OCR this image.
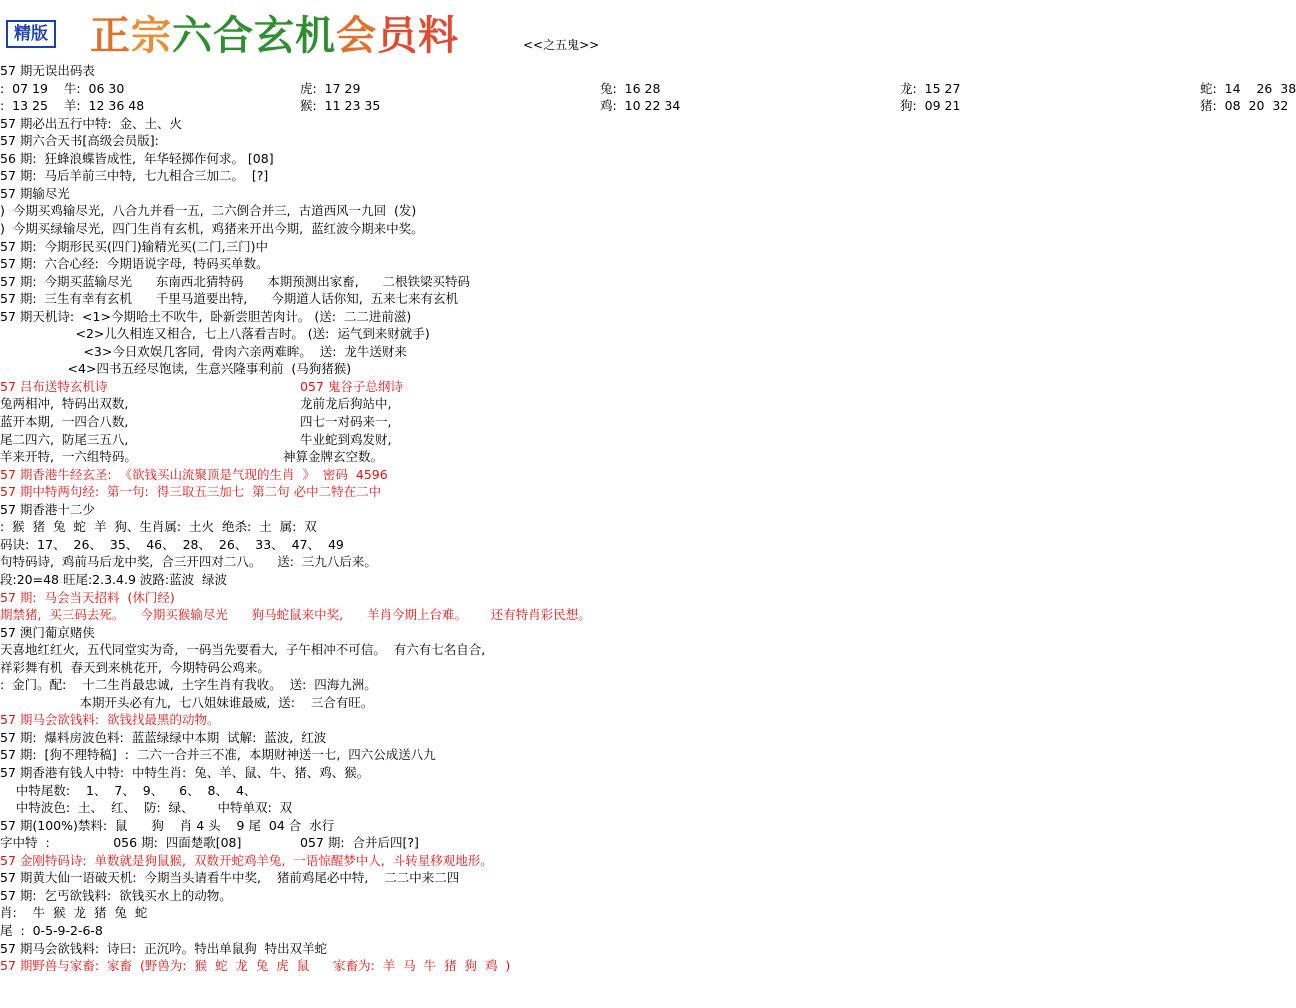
精版 正宗六合玄机会员料	<<之五鬼>>
57 期无误出码表
:  07 19    牛:  06 30	虎:  17 29	兔:  16 28	龙:  15 27	蛇:  14    26  38
:  13 25    羊:  12 36 48	猴:  11 23 35	鸡:  10 22 34	狗:  09 21	猪:  08  20  32
57 期必出五行中特:  金、土、火
57 期六合天书[高级会员版]:
56 期:  狂蜂浪蝶皆成性,  年华轻掷作何求。 [08]
57 期:  马后羊前三中特,  七九相合三加二。  [?]
57 期输尽光
)  今期买鸡输尽光,  八合九并看一五,  二六倒合并三,  古道西风一九回  (发)
)  今期买绿输尽光,  四门生肖有玄机,  鸡猪来开出今期,  蓝红波今期来中奖。
57 期:  今期形民买(四门)输精光买(二门,三门)中
57 期:  六合心经:  今期语说字母,  特码买单数。
57 期:  今期买蓝输尽光      东南西北猜特码      本期预测出家畜,      二根铁梁买特码
57 期:  三生有幸有玄机      千里马道要出特,      今期道人话你知,  五来七来有玄机
57 期天机诗:  <1>今期哈土不吹牛,  卧新尝胆苦肉计。 (送:  二二进前滋)
<2>儿久相连又相合,  七上八落看吉时。 (送:  运气到来财就手)
<3>今日欢娱几客同,  骨肉六亲两难眸。  送:  龙牛送财来
<4>四书五经尽饱读,  生意兴隆事利前  (马狗猪猴)
57 吕布送特玄机诗	057 鬼谷子总纲诗
兔两相冲,  特码出双数,	龙前龙后狗站中,
蓝开本期,  一四合八数,	四七一对码来一,
尾二四六,  防尾三五八,	牛业蛇到鸡发财,
羊来开特,  一六组特码。	神算金牌玄空数。
57 期香港牛经玄圣:  《欲钱买山流聚顶是气现的生肖  》  密码  4596
57 期中特两句经:  第一句:  得三取五三加七  第二句 必中二特在二中
57 期香港十二少
:  猴  猪  兔  蛇  羊  狗、生肖属:  土火  绝杀:  土  属:  双
码诀:  17、  26、  35、  46、  28、  26、  33、  47、  49
句特码诗,  鸡前马后龙中奖,  合三开四对二八。    送:  三九八后来。
段:20=48 旺尾:2.3.4.9 波路:蓝波  绿波
57 期:  马会当天招料  (休门经)
期禁猪,  买三码去死。    今期买猴输尽光      狗马蛇鼠来中奖,      羊肖今期上台难。      还有特肖彩民想。
57 澳门葡京赌侠
天喜地红红火,  五代同堂实为奇,  一码当先要看大,  子午相冲不可信。  有六有七名自合,
祥彩舞有机  春天到来桃花开,  今期特码公鸡来。
:  金门。配:    十二生肖最忠诚,  土字生肖有我收。  送:  四海九洲。
本期开头必有九,  七八姐妹谁最威,  送:    三合有旺。
57 期马会欲钱料:  欲钱找最黑的动物。
57 期:  爆料房波色料:  蓝蓝绿绿中本期  试解:  蓝波,  红波
57 期:  [狗不理特稿]  :  二六一合并三不准,  本期财神送一七,  四六公成送八九
57 期香港有钱人中特:  中特生肖:  兔、羊、鼠、牛、猪、鸡、猴。
中特尾数:    1、  7、  9、    6、  8、  4、
中特波色:  土、  红、  防:  绿、      中特单双:  双
57 期(100%)禁料:  鼠      狗    肖 4 头    9 尾  04 合  水行
字中特  :                056 期:  四面楚歌[08]	057 期:  合并后四[?]
57 金刚特码诗:  单数就是狗鼠猴,  双数开蛇鸡羊兔,  一语惊醒梦中人,  斗转星移观地形。
57 期黄大仙一语破天机:  今期当头请看牛中奖,    猪前鸡尾必中特,    二二中来二四
57 期:  乞丐欲钱料:  欲钱买水上的动物。
肖:    牛  猴  龙  猪  兔  蛇
尾  :  0-5-9-2-6-8
57 期马会欲钱料:  诗曰:  正沉吟。特出单鼠狗  特出双羊蛇
57 期野兽与家畜:  家畜  (野兽为:  猴  蛇  龙  兔  虎  鼠      家畜为:  羊  马  牛  猪  狗  鸡  )
